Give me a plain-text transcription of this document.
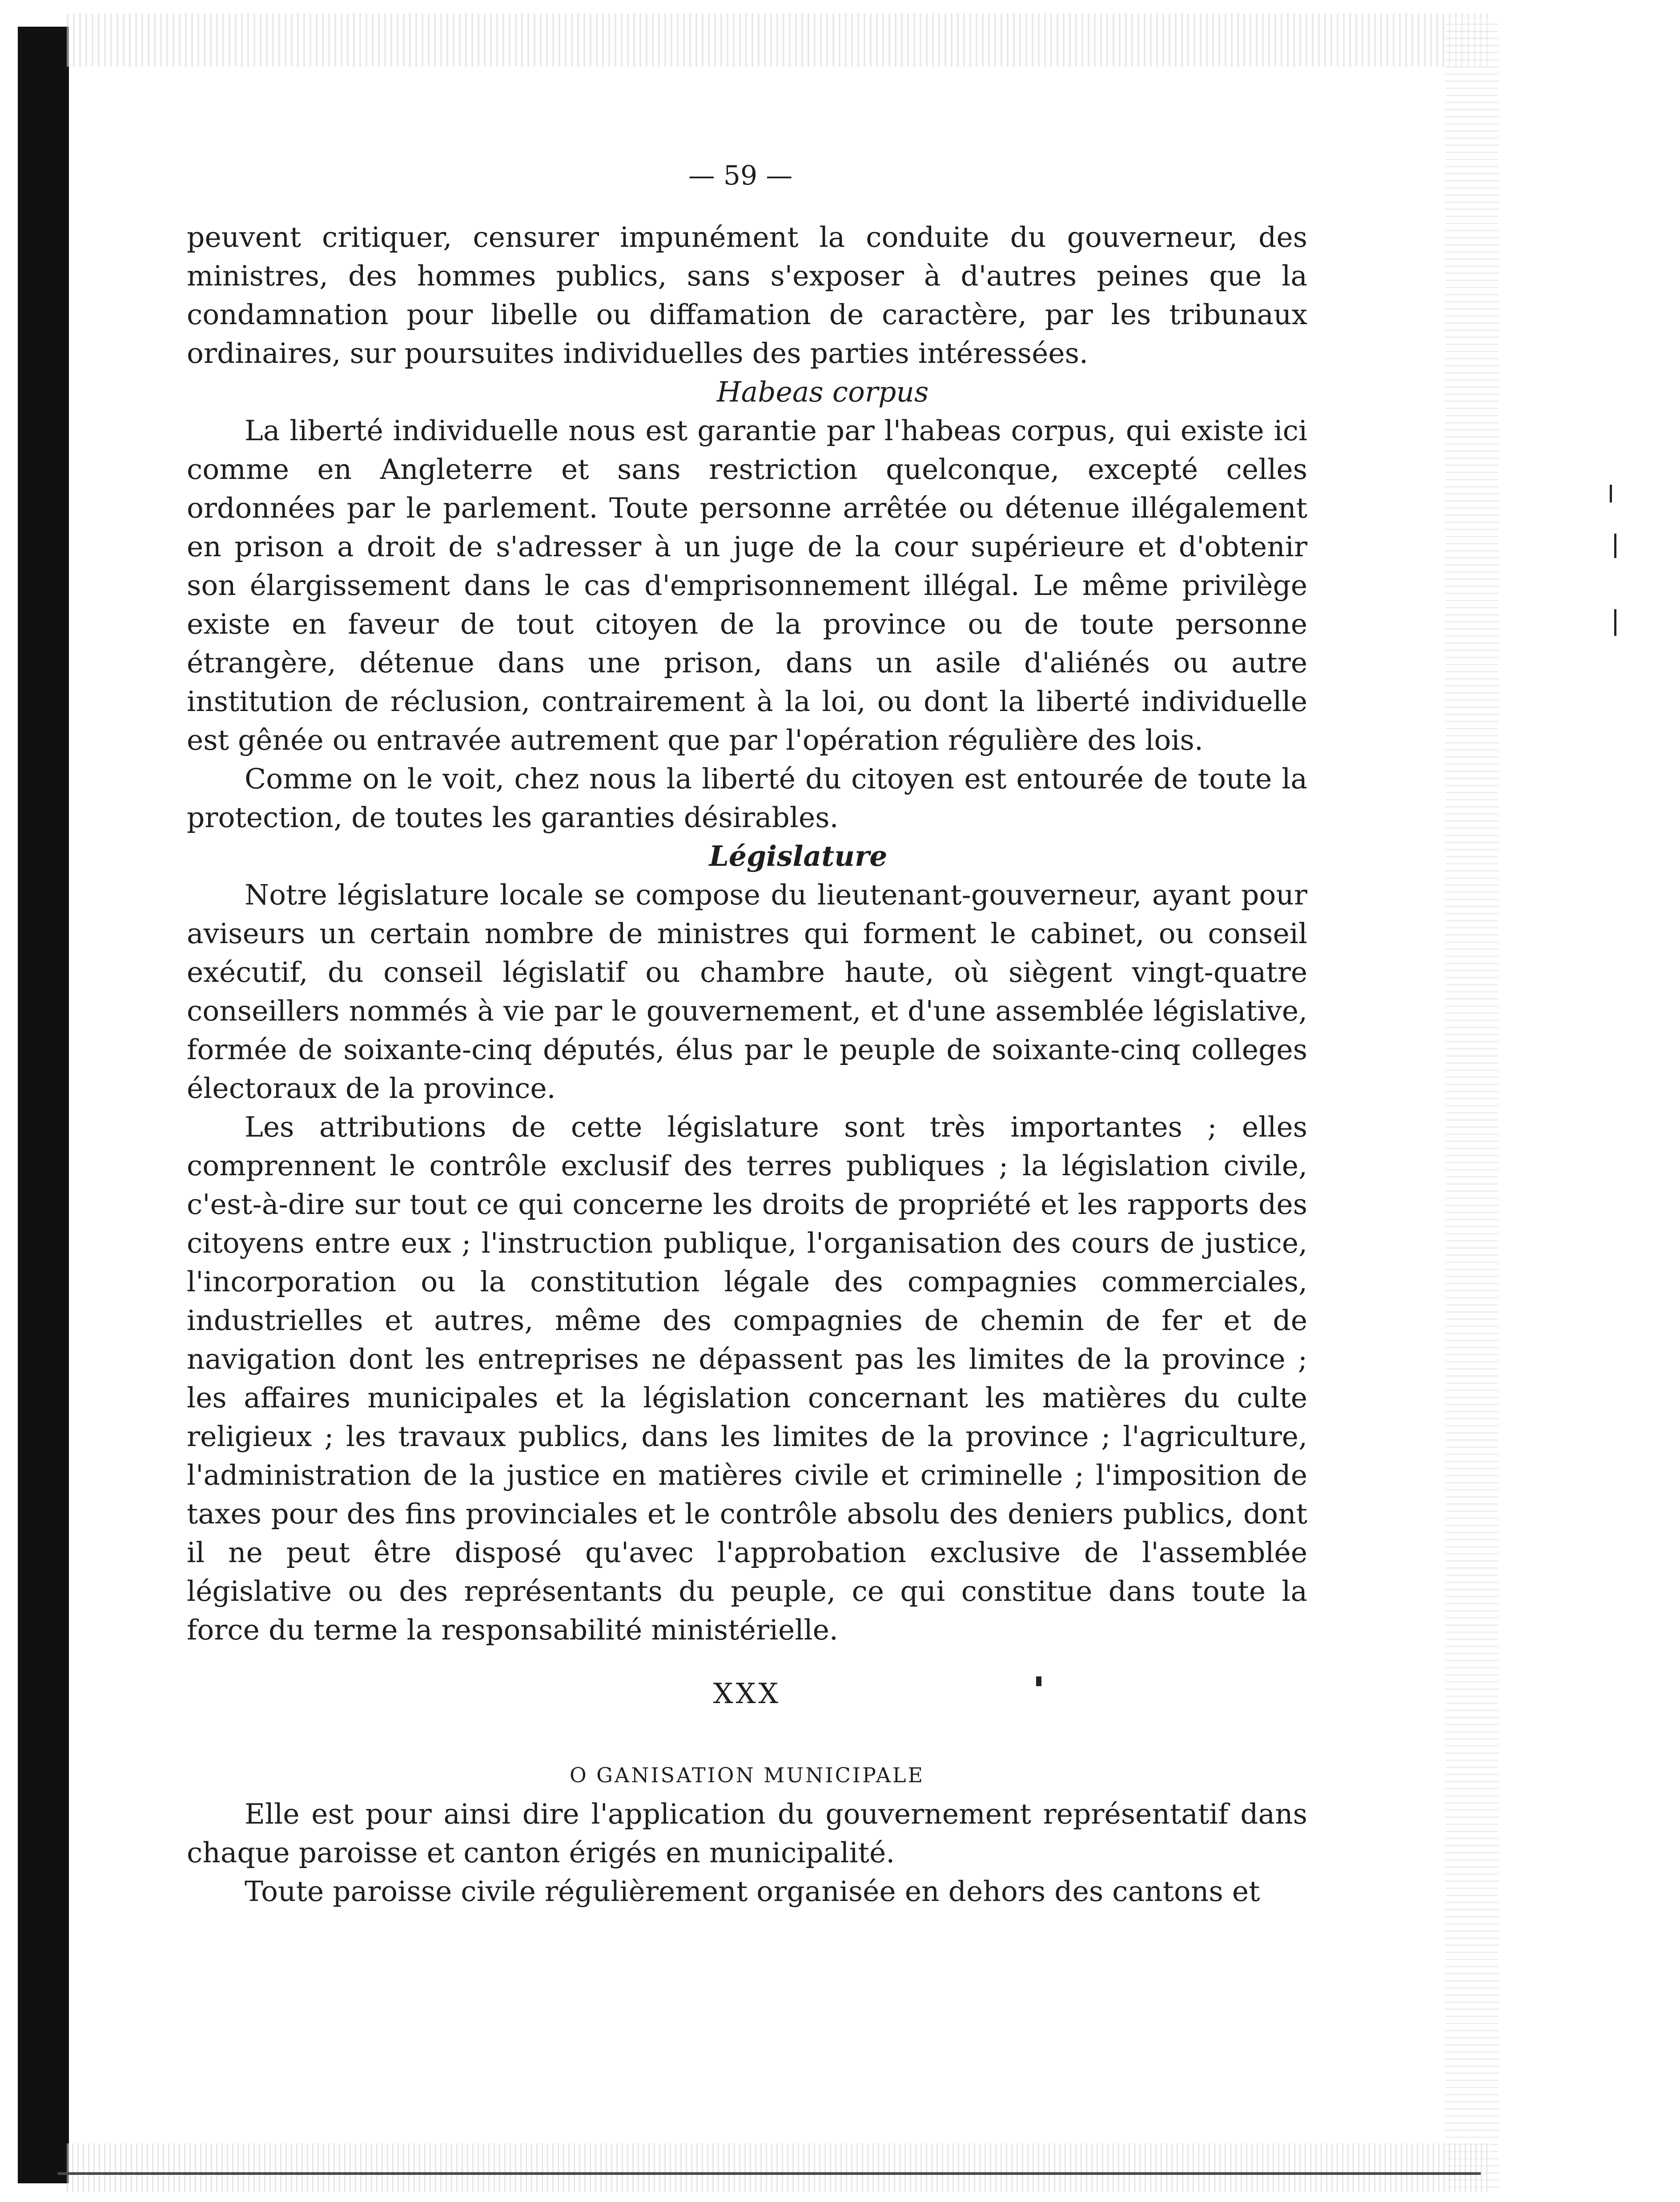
— 59 —

peuvent critiquer, censurer impunément la conduite du gouverneur, des ministres, des hommes publics, sans s'exposer à d'autres peines que la condamnation pour libelle ou diffamation de caractère, par les tribunaux ordinaires, sur poursuites individuelles des parties intéressées.

Habeas corpus

La liberté individuelle nous est garantie par l'habeas corpus, qui existe ici comme en Angleterre et sans restriction quelconque, excepté celles ordonnées par le parlement. Toute personne arrêtée ou détenue illégalement en prison a droit de s'adresser à un juge de la cour supérieure et d'obtenir son élargissement dans le cas d'emprisonnement illégal. Le même privilège existe en faveur de tout citoyen de la province ou de toute personne étrangère, détenue dans une prison, dans un asile d'aliénés ou autre institution de réclusion, contrairement à la loi, ou dont la liberté individuelle est gênée ou entravée autrement que par l'opération régulière des lois.

Comme on le voit, chez nous la liberté du citoyen est entourée de toute la protection, de toutes les garanties désirables.

Législature

Notre législature locale se compose du lieutenant-gouverneur, ayant pour aviseurs un certain nombre de ministres qui forment le cabinet, ou conseil exécutif, du conseil législatif ou chambre haute, où siègent vingt-quatre conseillers nommés à vie par le gouvernement, et d'une assemblée législative, formée de soixante-cinq députés, élus par le peuple de soixante-cinq colleges électoraux de la province.

Les attributions de cette législature sont très importantes ; elles comprennent le contrôle exclusif des terres publiques ; la législation civile, c'est-à-dire sur tout ce qui concerne les droits de propriété et les rapports des citoyens entre eux ; l'instruction publique, l'organisation des cours de justice, l'incorporation ou la constitution légale des compagnies commerciales, industrielles et autres, même des compagnies de chemin de fer et de navigation dont les entreprises ne dépassent pas les limites de la province ; les affaires municipales et la législation concernant les matières du culte religieux ; les travaux publics, dans les limites de la province ; l'agriculture, l'administration de la justice en matières civile et criminelle ; l'imposition de taxes pour des fins provinciales et le contrôle absolu des deniers publics, dont il ne peut être disposé qu'avec l'approbation exclusive de l'assemblée législative ou des représentants du peuple, ce qui constitue dans toute la force du terme la responsabilité ministérielle.

XXX

O GANISATION MUNICIPALE

Elle est pour ainsi dire l'application du gouvernement représentatif dans chaque paroisse et canton érigés en municipalité.

Toute paroisse civile régulièrement organisée en dehors des cantons et
